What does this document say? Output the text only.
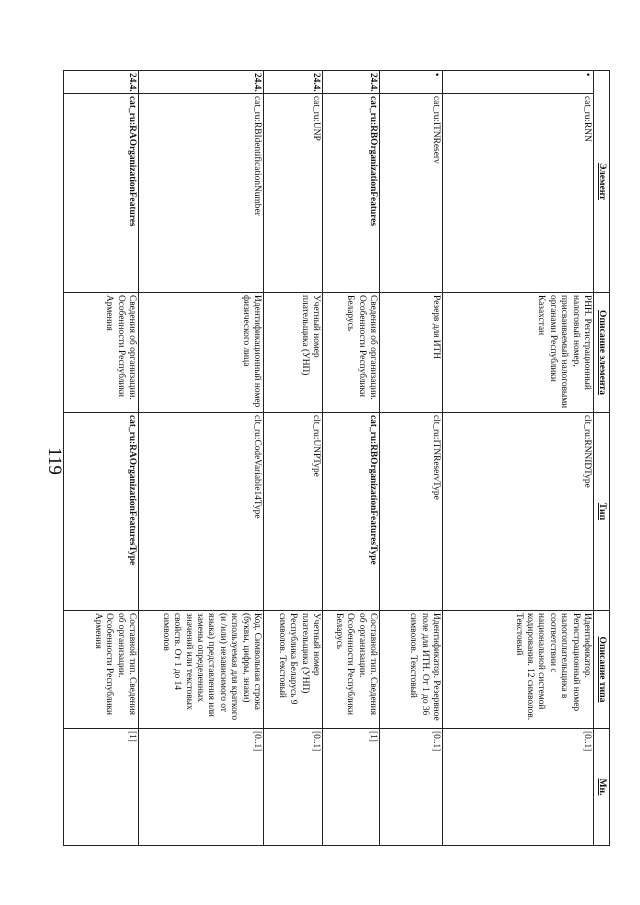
119
Элемент	Описание элемента	Тип	Описание типа	Мн.

•
cat_ru:RNN	РНН. Регистрационный налоговый номер, присваиваемый налоговыми органами Республики Казахстан	clt_ru:RNNIDType	Идентификатор. Регистрационный номер налогоплательщика в соответствии с национальной системой кодирования. 12 символов. Текстовый	[0..1]

•
cat_ru:ITNReserv	Резерв для ИТН	clt_ru:ITNReservType	Идентификатор. Резервное поле для ИТН. От 1 до 36 символов. Текстовый	[0..1]

24.4.
cat_ru:RBOrganizationFeatures	Сведения об организации. Особенности Республики Беларусь	cat_ru:RBOrganizationFeaturesType	Составной тип. Сведения об организации. Особенности Республики Беларусь	[1]

24.4.
cat_ru:UNP	Учетный номер плательщика (УНП)	clt_ru:UNPType	Учетный номер плательщика (УНП) Республика Беларусь 9 символов. Текстовый	[0..1]

24.4.
cat_ru:RBIdentificationNumber	Идентификационный номер физического лица	clt_ru:CodeVariable14Type	Код. Символьная строка (буквы, цифры, знаки) используемая для краткого (и /или) независимого от языка) представления или замены определенных значений или текстовых свойств. От 1 до 14 символов	[0..1]

24.4.
cat_ru:RAOrganizationFeatures	Сведения об организации. Особенности Республики Армения	cat_ru:RAOrganizationFeaturesType	Составной тип. Сведения об организации. Особенности Республики Армения	[1]
